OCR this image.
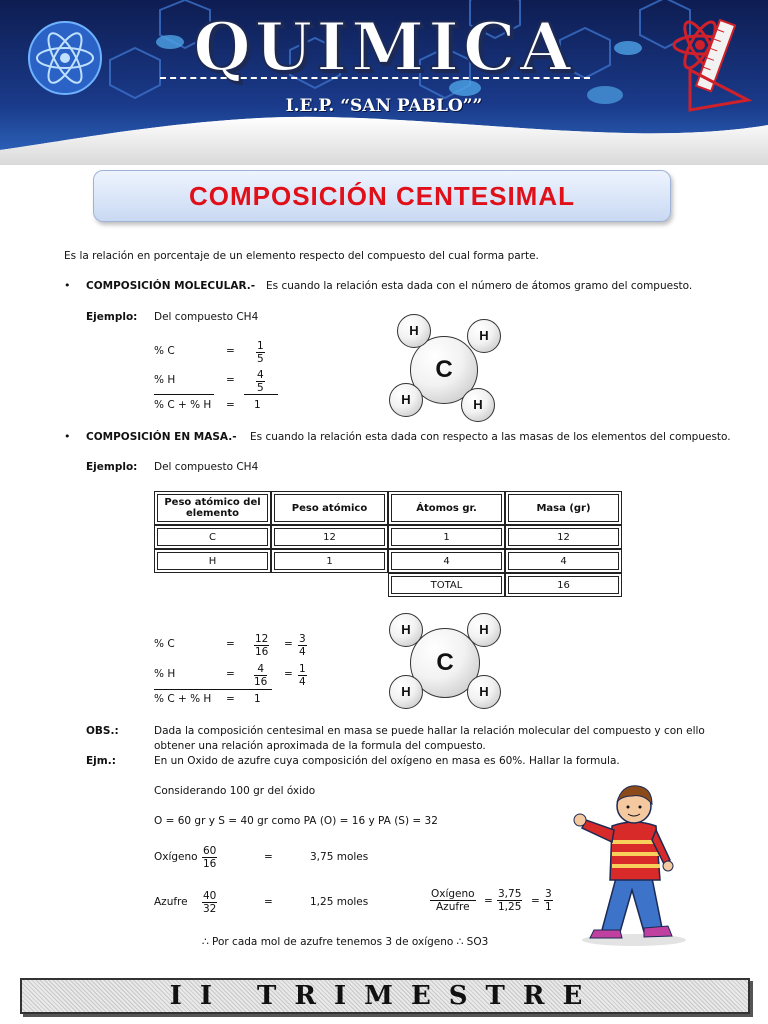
QUIMICA
I.E.P. “SAN PABLO””
COMPOSICIÓN CENTESIMAL
Es la relación en porcentaje de un elemento respecto del compuesto del cual forma parte.
• COMPOSICIÓN MOLECULAR.- Es cuando la relación esta dada con el número de átomos gramo del compuesto.
Ejemplo: Del compuesto CH4
% C	= $\frac{1}{5}$
% H	= $\frac{4}{5}$
% C + % H = 1
C
H	H
H	H
• COMPOSICIÓN EN MASA.- Es cuando la relación esta dada con respecto a las masas de los elementos del compuesto.
Ejemplo: Del compuesto CH4
Peso atómico del elemento	Peso atómico	Átomos gr.	Masa (gr)
C	12	1	12
H	1	4	4
		TOTAL	16
% C	= $\frac{12}{16} = \frac{3}{4}$
% H	= $\frac{4}{16} = \frac{1}{4}$
% C + % H = 1
C
H	H
H	H
OBS.:	Dada la composición centesimal en masa se puede hallar la relación molecular del compuesto y con ello
obtener una relación aproximada de la formula del compuesto.
Ejm.:	En un Oxido de azufre cuya composición del oxígeno en masa es 60%. Hallar la formula.
Considerando 100 gr del óxido
O = 60 gr y S = 40 gr como PA (O) = 16 y PA (S) = 32
Oxígeno $\frac{60}{16}$	=	3,75 moles
Azufre $\frac{40}{32}$	=	1,25 moles
Oxígeno
Azufre	= $\frac{3,75}{1,25} = \frac{3}{1}$
∴ Por cada mol de azufre tenemos 3 de oxígeno ∴ SO3
II TRIMESTRE
